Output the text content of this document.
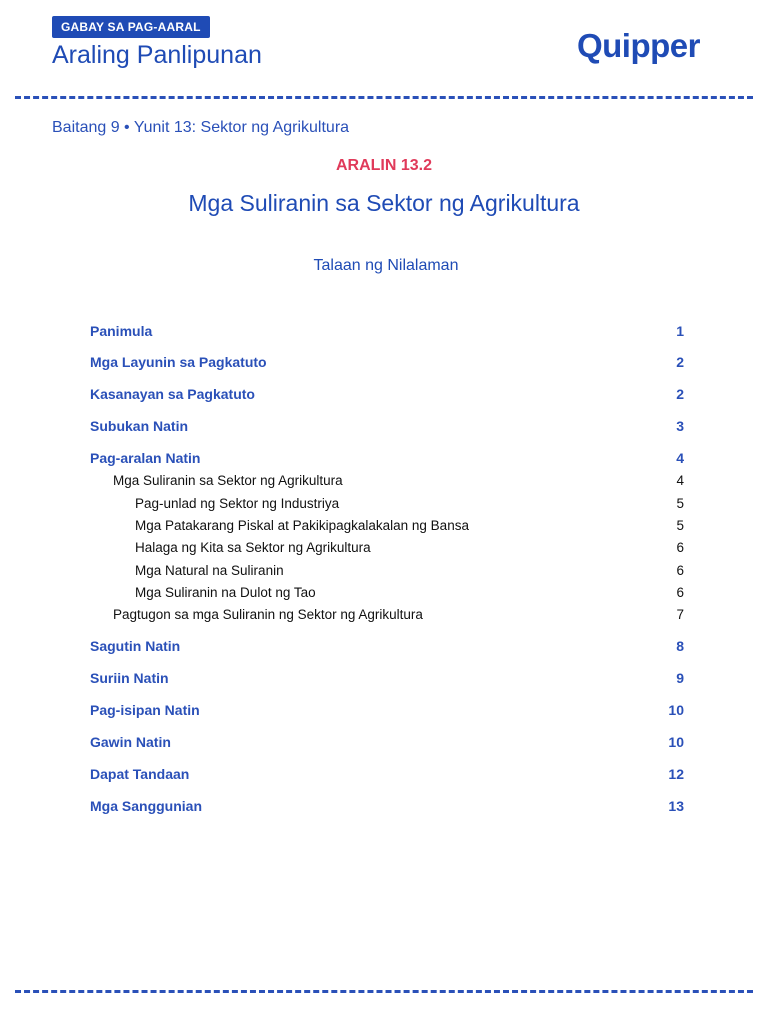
GABAY SA PAG-AARAL
Araling Panlipunan	Quipper
Baitang 9 • Yunit 13: Sektor ng Agrikultura
ARALIN 13.2
Mga Suliranin sa Sektor ng Agrikultura
Talaan ng Nilalaman
Panimula	1
Mga Layunin sa Pagkatuto	2
Kasanayan sa Pagkatuto	2
Subukan Natin	3
Pag-aralan Natin	4
Mga Suliranin sa Sektor ng Agrikultura	4
Pag-unlad ng Sektor ng Industriya	5
Mga Patakarang Piskal at Pakikipagkalakalan ng Bansa	5
Halaga ng Kita sa Sektor ng Agrikultura	6
Mga Natural na Suliranin	6
Mga Suliranin na Dulot ng Tao	6
Pagtugon sa mga Suliranin ng Sektor ng Agrikultura	7
Sagutin Natin	8
Suriin Natin	9
Pag-isipan Natin	10
Gawin Natin	10
Dapat Tandaan	12
Mga Sanggunian	13
